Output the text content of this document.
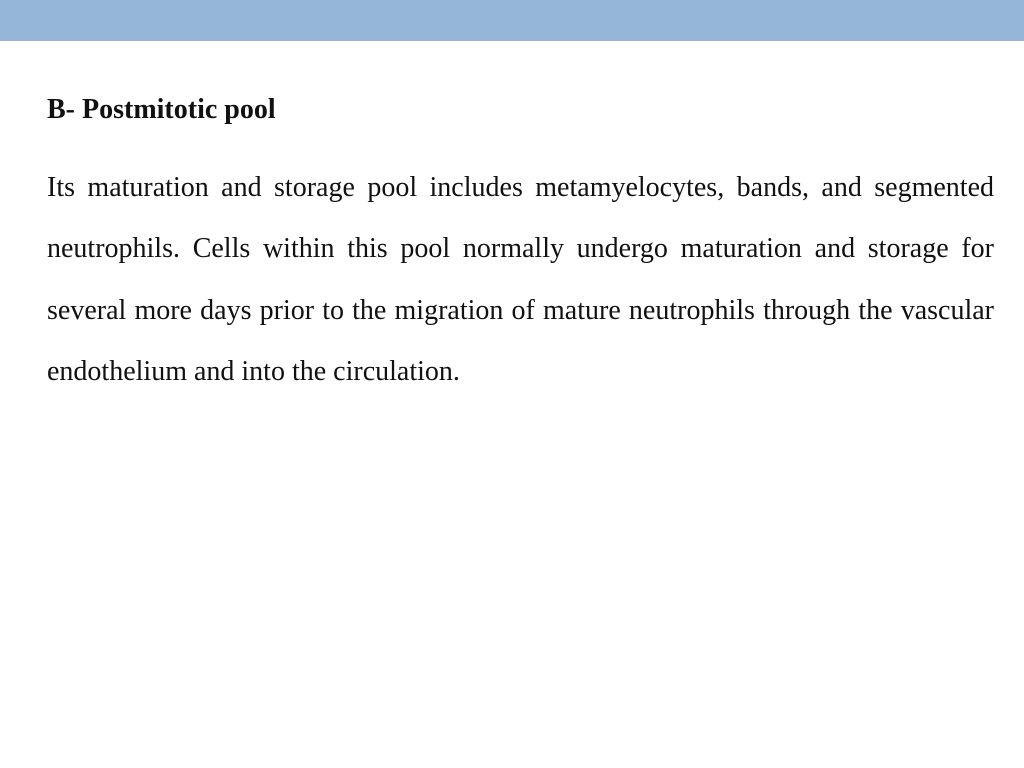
B- Postmitotic pool

Its maturation and storage pool includes metamyelocytes, bands, and segmented neutrophils. Cells within this pool normally undergo maturation and storage for several more days prior to the migration of mature neutrophils through the vascular endothelium and into the circulation.
